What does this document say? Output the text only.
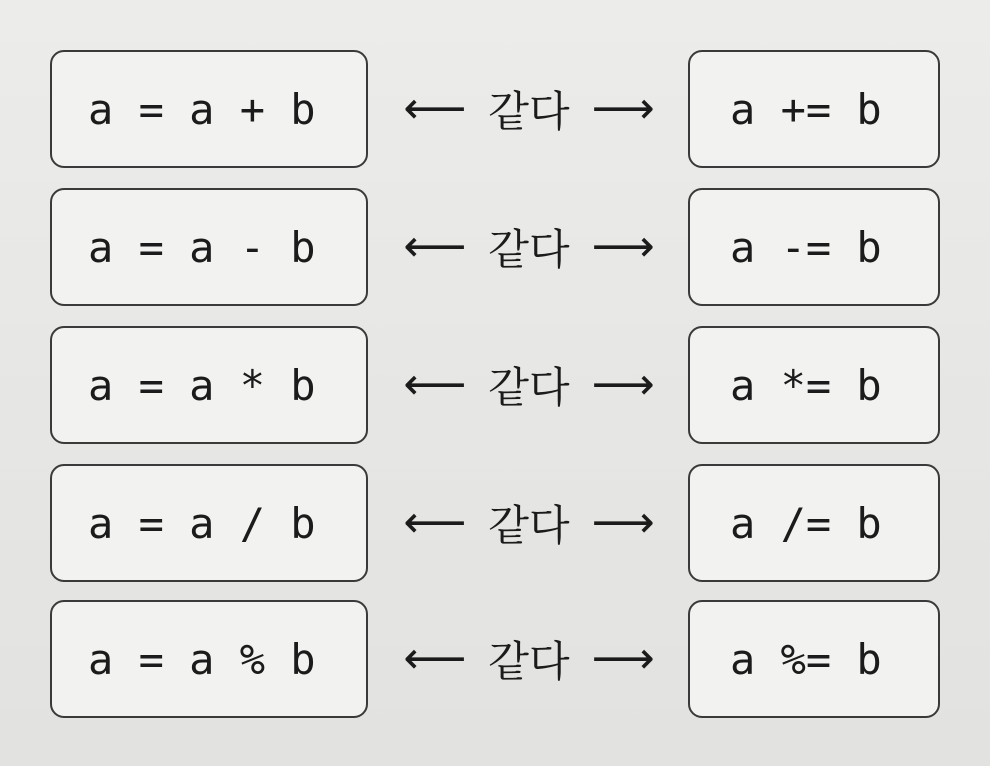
a = a + b ⟵ 같다 ⟶ a += b
a = a - b ⟵ 같다 ⟶ a -= b
a = a * b ⟵ 같다 ⟶ a *= b
a = a / b ⟵ 같다 ⟶ a /= b
a = a % b ⟵ 같다 ⟶ a %= b
